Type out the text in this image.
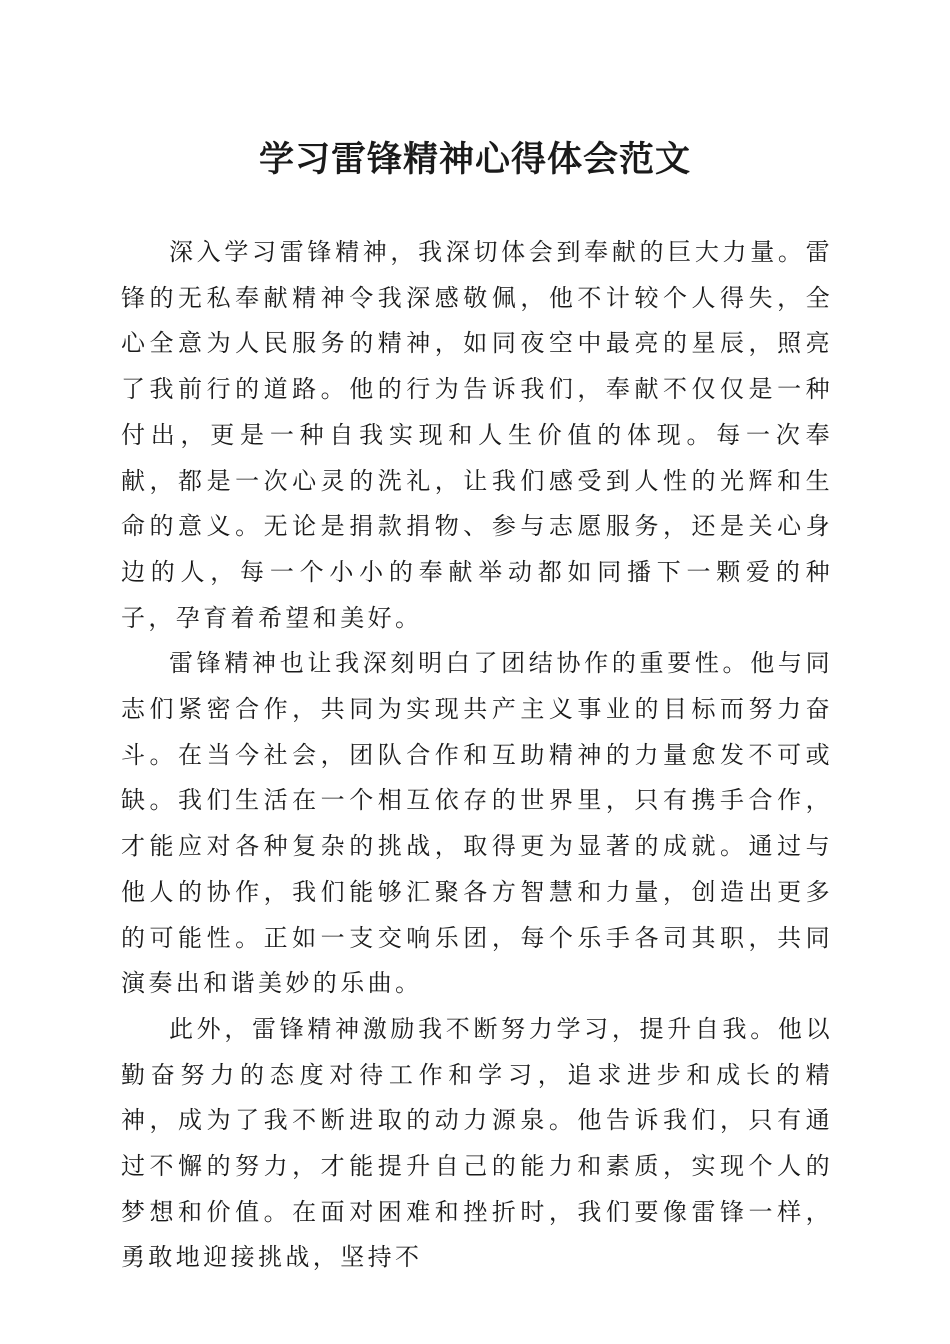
学习雷锋精神心得体会范文

深入学习雷锋精神，我深切体会到奉献的巨大力量。雷锋的无私奉献精神令我深感敬佩，他不计较个人得失，全心全意为人民服务的精神，如同夜空中最亮的星辰，照亮了我前行的道路。他的行为告诉我们，奉献不仅仅是一种付出，更是一种自我实现和人生价值的体现。每一次奉献，都是一次心灵的洗礼，让我们感受到人性的光辉和生命的意义。无论是捐款捐物、参与志愿服务，还是关心身边的人，每一个小小的奉献举动都如同播下一颗爱的种子，孕育着希望和美好。

雷锋精神也让我深刻明白了团结协作的重要性。他与同志们紧密合作，共同为实现共产主义事业的目标而努力奋斗。在当今社会，团队合作和互助精神的力量愈发不可或缺。我们生活在一个相互依存的世界里，只有携手合作，才能应对各种复杂的挑战，取得更为显著的成就。通过与他人的协作，我们能够汇聚各方智慧和力量，创造出更多的可能性。正如一支交响乐团，每个乐手各司其职，共同演奏出和谐美妙的乐曲。

此外，雷锋精神激励我不断努力学习，提升自我。他以勤奋努力的态度对待工作和学习，追求进步和成长的精神，成为了我不断进取的动力源泉。他告诉我们，只有通过不懈的努力，才能提升自己的能力和素质，实现个人的梦想和价值。在面对困难和挫折时，我们要像雷锋一样，勇敢地迎接挑战，坚持不
